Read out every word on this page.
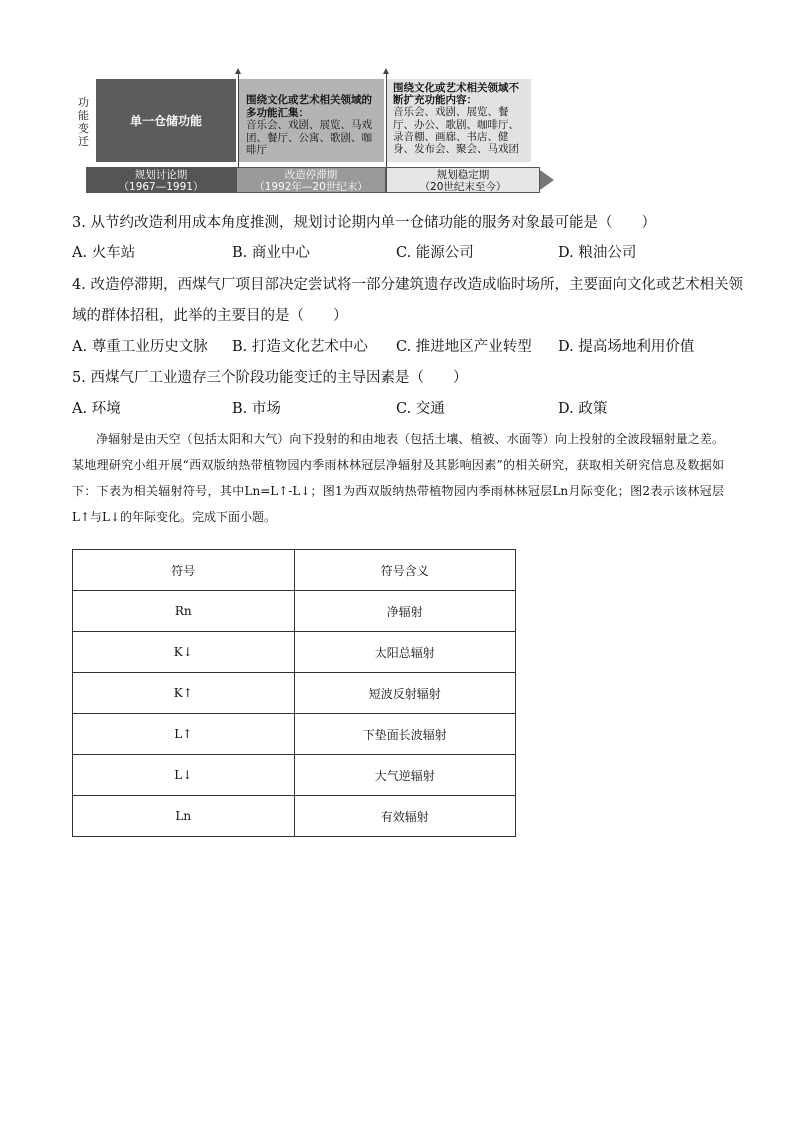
功能变迁
单一仓储功能
围绕文化或艺术相关领域的多功能汇集：
音乐会、戏剧、展览、马戏团、餐厅、公寓、歌剧、咖啡厅
围绕文化或艺术相关领域不断扩充功能内容：
音乐会、戏剧、展览、餐厅、办公、歌剧、咖啡厅、录音棚、画廊、书店、健身、发布会、聚会、马戏团
规划讨论期
（1967—1991）
改造停滞期
（1992年—20世纪末）
规划稳定期
（20世纪末至今）
3. 从节约改造利用成本角度推测，规划讨论期内单一仓储功能的服务对象最可能是（　　）
A. 火车站	B. 商业中心	C. 能源公司	D. 粮油公司
4. 改造停滞期，西煤气厂项目部决定尝试将一部分建筑遗存改造成临时场所，主要面向文化或艺术相关领
域的群体招租，此举的主要目的是（　　）
A. 尊重工业历史文脉 B. 打造文化艺术中心 C. 推进地区产业转型 D. 提高场地利用价值
5. 西煤气厂工业遗存三个阶段功能变迁的主导因素是（　　）
A. 环境	B. 市场	C. 交通	D. 政策
　　净辐射是由天空（包括太阳和大气）向下投射的和由地表（包括土壤、植被、水面等）向上投射的全波段辐射量之差。某地理研究小组开展“西双版纳热带植物园内季雨林林冠层净辐射及其影响因素”的相关研究，获取相关研究信息及数据如下：下表为相关辐射符号，其中Ln=L↑-L↓；图1为西双版纳热带植物园内季雨林林冠层Ln月际变化；图2表示该林冠层L↑与L↓的年际变化。完成下面小题。
符号	符号含义
Rn	净辐射
K↓	太阳总辐射
K↑	短波反射辐射
L↑	下垫面长波辐射
L↓	大气逆辐射
Ln	有效辐射
